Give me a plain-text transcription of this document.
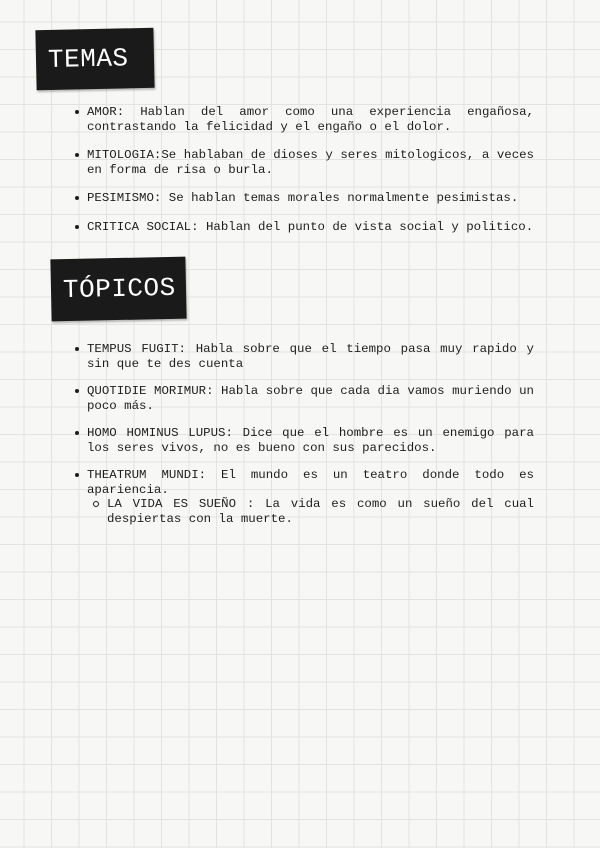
TEMAS
AMOR: Hablan del amor como una experiencia engañosa, contrastando la felicidad y el engaño o el dolor.
MITOLOGIA:Se hablaban de dioses y seres mitologicos, a veces en forma de risa o burla.
PESIMISMO: Se hablan temas morales normalmente pesimistas.
CRITICA SOCIAL: Hablan del punto de vista social y politico.
TÓPICOS
TEMPUS FUGIT: Habla sobre que el tiempo pasa muy rapido y sin que te des cuenta
QUOTIDIE MORIMUR: Habla sobre que cada dia vamos muriendo un poco más.
HOMO HOMINUS LUPUS: Dice que el hombre es un enemigo para los seres vivos, no es bueno con sus parecidos.
THEATRUM MUNDI: El mundo es un teatro donde todo es apariencia.
LA VIDA ES SUEÑO : La vida es como un sueño del cual despiertas con la muerte.
